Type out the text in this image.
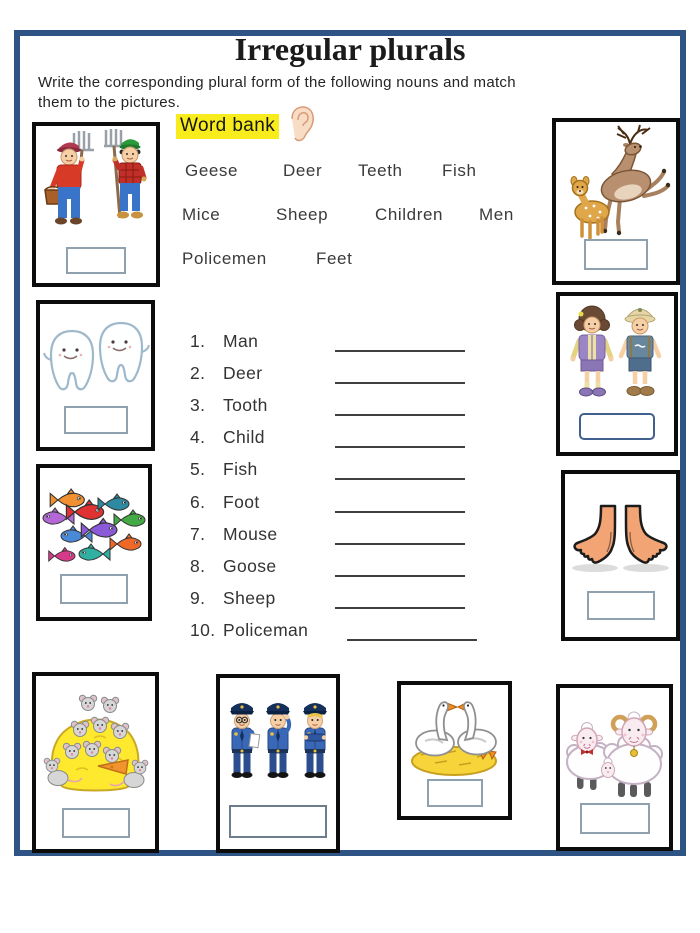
Irregular plurals
Write the corresponding plural form of the following nouns and match
them to the pictures.
Word bank
Geese	Deer Teeth Fish
Mice	Sheep	Children Men
Policemen	Feet
1.	Man
2.	Deer
3.	Tooth
4.	Child
5.	Fish
6.	Foot
7.	Mouse
8.	Goose
9.	Sheep
10. Policeman
